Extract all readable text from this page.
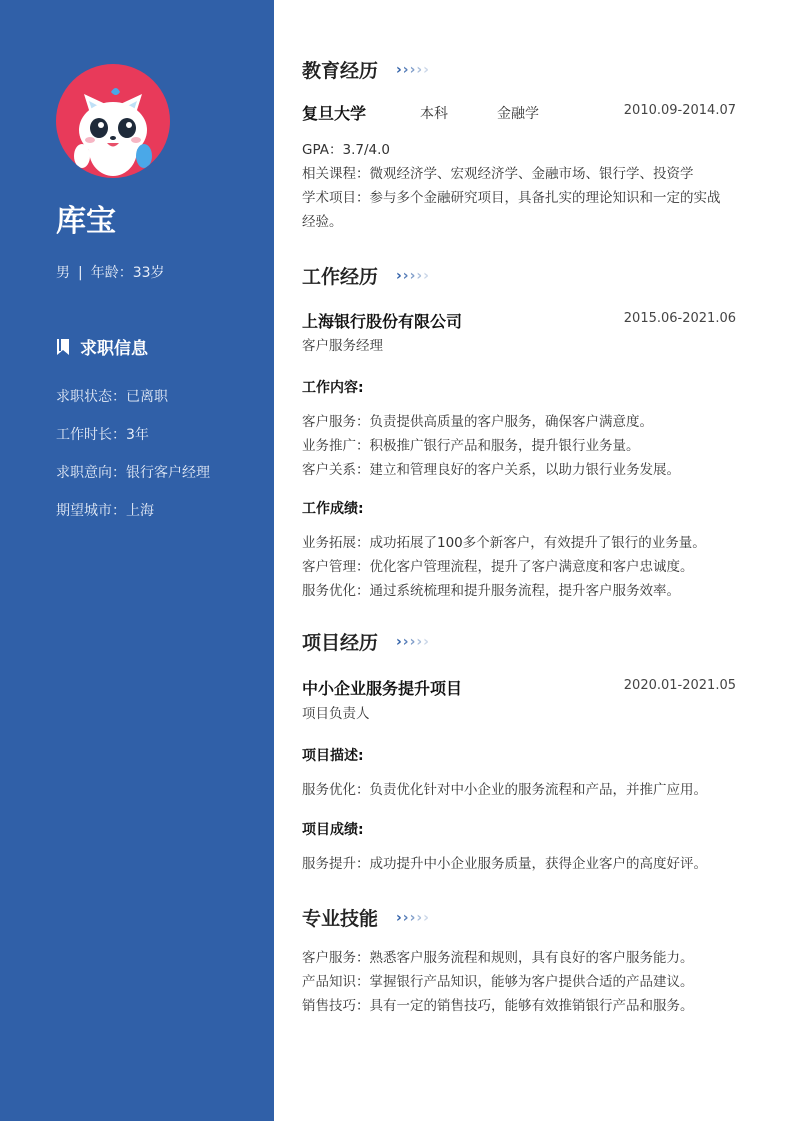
库宝
男 | 年龄：33岁
求职信息
求职状态：已离职
工作时长：3年
求职意向：银行客户经理
期望城市：上海
教育经历 › › › › ›
复旦大学	本科	金融学	2010.09-2014.07
GPA：3.7/4.0
相关课程：微观经济学、宏观经济学、金融市场、银行学、投资学
学术项目：参与多个金融研究项目，具备扎实的理论知识和一定的实战
经验。
工作经历 › › › › ›
上海银行股份有限公司	2015.06-2021.06
客户服务经理
工作内容:
客户服务：负责提供高质量的客户服务，确保客户满意度。
业务推广：积极推广银行产品和服务，提升银行业务量。
客户关系：建立和管理良好的客户关系，以助力银行业务发展。
工作成绩:
业务拓展：成功拓展了100多个新客户，有效提升了银行的业务量。
客户管理：优化客户管理流程，提升了客户满意度和客户忠诚度。
服务优化：通过系统梳理和提升服务流程，提升客户服务效率。
项目经历 › › › › ›
中小企业服务提升项目	2020.01-2021.05
项目负责人
项目描述:
服务优化：负责优化针对中小企业的服务流程和产品，并推广应用。
项目成绩:
服务提升：成功提升中小企业服务质量，获得企业客户的高度好评。
专业技能 › › › › ›
客户服务：熟悉客户服务流程和规则，具有良好的客户服务能力。
产品知识：掌握银行产品知识，能够为客户提供合适的产品建议。
销售技巧：具有一定的销售技巧，能够有效推销银行产品和服务。
